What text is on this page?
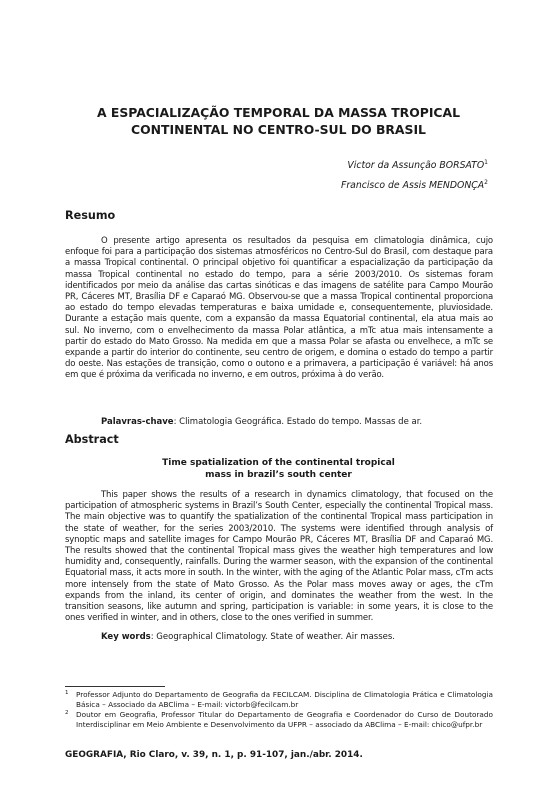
A ESPACIALIZAÇÃO TEMPORAL DA MASSA TROPICAL CONTINENTAL NO CENTRO-SUL DO BRASIL
Victor da Assunção BORSATO$^1$
Francisco de Assis MENDONÇA$^2$
Resumo

O presente artigo apresenta os resultados da pesquisa em climatologia dinâmica, cujo enfoque foi para a participação dos sistemas atmosféricos no Centro-Sul do Brasil, com destaque para a massa Tropical continental. O principal objetivo foi quantificar a espacialização da participação da massa Tropical continental no estado do tempo, para a série 2003/2010. Os sistemas foram identificados por meio da análise das cartas sinóticas e das imagens de satélite para Campo Mourão PR, Cáceres MT, Brasília DF e Caparaó MG. Observou-se que a massa Tropical continental proporciona ao estado do tempo elevadas temperaturas e baixa umidade e, consequentemente, pluviosidade. Durante a estação mais quente, com a expansão da massa Equatorial continental, ela atua mais ao sul. No inverno, com o envelhecimento da massa Polar atlântica, a mTc atua mais intensamente a partir do estado do Mato Grosso. Na medida em que a massa Polar se afasta ou envelhece, a mTc se expande a partir do interior do continente, seu centro de origem, e domina o estado do tempo a partir do oeste. Nas estações de transição, como o outono e a primavera, a participação é variável: há anos em que é próxima da verificada no inverno, e em outros, próxima à do verão.

Palavras-chave: Climatologia Geográfica. Estado do tempo. Massas de ar.
Abstract

Time spatialization of the continental tropical mass in brazil’s south center

This paper shows the results of a research in dynamics climatology, that focused on the participation of atmospheric systems in Brazil’s South Center, especially the continental Tropical mass. The main objective was to quantify the spatialization of the continental Tropical mass participation in the state of weather, for the series 2003/2010. The systems were identified through analysis of synoptic maps and satellite images for Campo Mourão PR, Cáceres MT, Brasília DF and Caparaó MG. The results showed that the continental Tropical mass gives the weather high temperatures and low humidity and, consequently, rainfalls. During the warmer season, with the expansion of the continental Equatorial mass, it acts more in south. In the winter, with the aging of the Atlantic Polar mass, cTm acts more intensely from the state of Mato Grosso. As the Polar mass moves away or ages, the cTm expands from the inland, its center of origin, and dominates the weather from the west. In the transition seasons, like autumn and spring, participation is variable: in some years, it is close to the ones verified in winter, and in others, close to the ones verified in summer.

Key words: Geographical Climatology. State of weather. Air masses.
1	Professor Adjunto do Departamento de Geografia da FECILCAM. Disciplina de Climatologia Prática e Climatologia Básica – Associado da ABClima – E-mail: victorb@fecilcam.br
2	Doutor em Geografia, Professor Titular do Departamento de Geografia e Coordenador do Curso de Doutorado Interdisciplinar em Meio Ambiente e Desenvolvimento da UFPR – associado da ABClima – E-mail: chico@ufpr.br
GEOGRAFIA, Rio Claro, v. 39, n. 1, p. 91-107, jan./abr. 2014.
